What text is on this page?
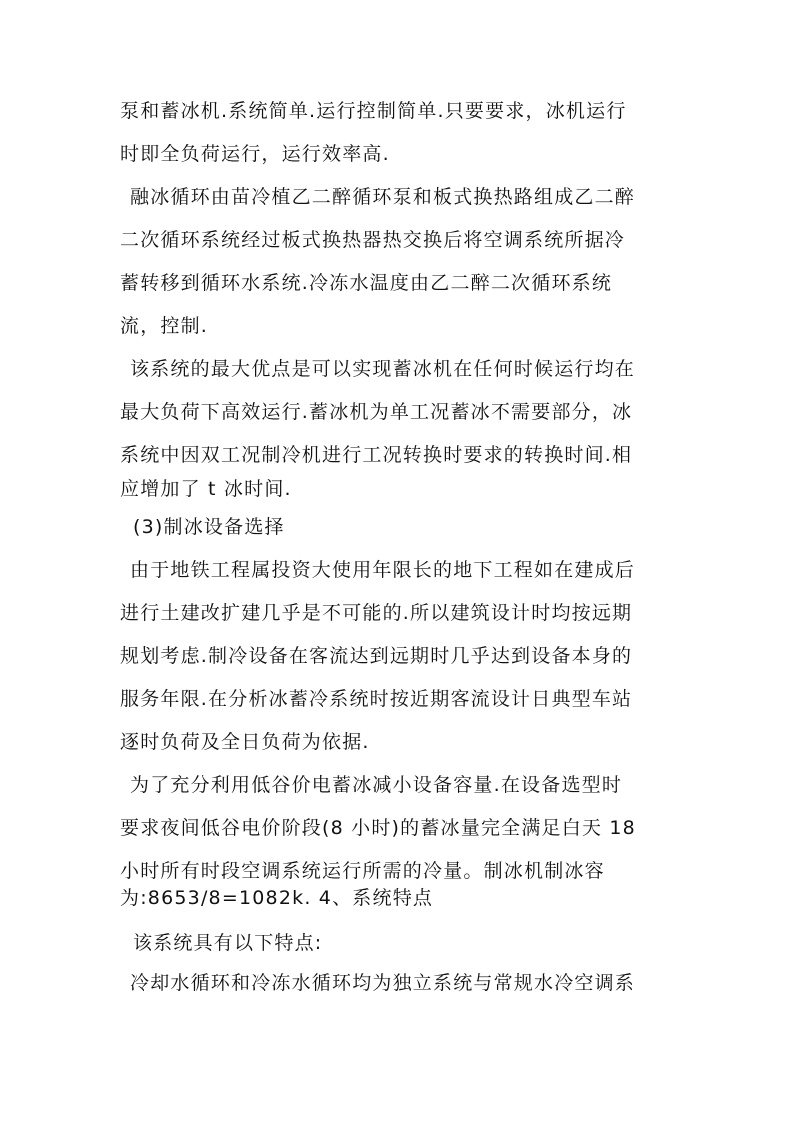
泵和蓄冰机.系统简单.运行控制简单.只要要求，冰机运行
时即全负荷运行，运行效率高.
融冰循环由苗冷植乙二醉循环泵和板式换热路组成乙二醉
二次循环系统经过板式换热器热交换后将空调系统所据冷
蓄转移到循环水系统.冷冻水温度由乙二醉二次循环系统
流，控制.
该系统的最大优点是可以实现蓄冰机在任何时候运行均在
最大负荷下高效运行.蓄冰机为单工况蓄冰不需要部分，冰
系统中因双工况制冷机进行工况转换时要求的转换时间.相
应增加了 t 冰时间.
(3)制冰设备选择
由于地铁工程属投资大使用年限长的地下工程如在建成后
进行土建改扩建几乎是不可能的.所以建筑设计时均按远期
规划考虑.制冷设备在客流达到远期时几乎达到设备本身的
服务年限.在分析冰蓄冷系统时按近期客流设计日典型车站
逐时负荷及全日负荷为依据.
为了充分利用低谷价电蓄冰减小设备容量.在设备选型时
要求夜间低谷电价阶段(8 小时)的蓄冰量完全满足白天 18
小时所有时段空调系统运行所需的冷量。制冰机制冰容
为:8653/8=1082k. 4、系统特点
该系统具有以下特点:
冷却水循环和冷冻水循环均为独立系统与常规水冷空调系
